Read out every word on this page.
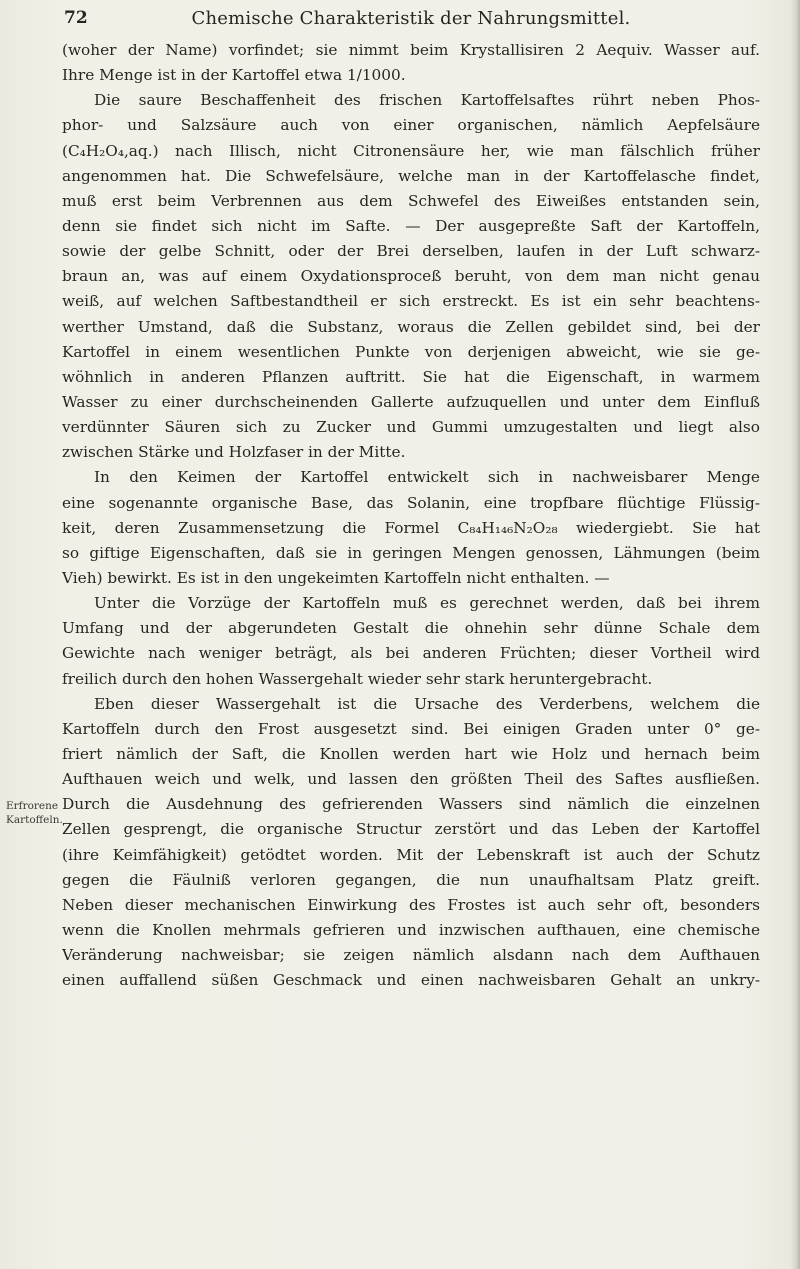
72	Chemische Charakteristik der Nahrungsmittel.
Erfrorene
Kartoffeln.
(woher der Name) vorfindet; sie nimmt beim Krystallisiren 2 Aequiv. Wasser auf.
Ihre Menge ist in der Kartoffel etwa 1/1000.
Die saure Beschaffenheit des frischen Kartoffelsaftes rührt neben Phos-
phor- und Salzsäure auch von einer organischen, nämlich Aepfelsäure
(C₄H₂O₄,aq.) nach Illisch, nicht Citronensäure her, wie man fälschlich früher
angenommen hat. Die Schwefelsäure, welche man in der Kartoffelasche findet,
muß erst beim Verbrennen aus dem Schwefel des Eiweißes entstanden sein,
denn sie findet sich nicht im Safte. — Der ausgepreßte Saft der Kartoffeln,
sowie der gelbe Schnitt, oder der Brei derselben, laufen in der Luft schwarz-
braun an, was auf einem Oxydationsproceß beruht, von dem man nicht genau
weiß, auf welchen Saftbestandtheil er sich erstreckt. Es ist ein sehr beachtens-
werther Umstand, daß die Substanz, woraus die Zellen gebildet sind, bei der
Kartoffel in einem wesentlichen Punkte von derjenigen abweicht, wie sie ge-
wöhnlich in anderen Pflanzen auftritt. Sie hat die Eigenschaft, in warmem
Wasser zu einer durchscheinenden Gallerte aufzuquellen und unter dem Einfluß
verdünnter Säuren sich zu Zucker und Gummi umzugestalten und liegt also
zwischen Stärke und Holzfaser in der Mitte.
In den Keimen der Kartoffel entwickelt sich in nachweisbarer Menge
eine sogenannte organische Base, das Solanin, eine tropfbare flüchtige Flüssig-
keit, deren Zusammensetzung die Formel C₈₄H₁₄₆N₂O₂₈ wiedergiebt. Sie hat
so giftige Eigenschaften, daß sie in geringen Mengen genossen, Lähmungen (beim
Vieh) bewirkt. Es ist in den ungekeimten Kartoffeln nicht enthalten. —
Unter die Vorzüge der Kartoffeln muß es gerechnet werden, daß bei ihrem
Umfang und der abgerundeten Gestalt die ohnehin sehr dünne Schale dem
Gewichte nach weniger beträgt, als bei anderen Früchten; dieser Vortheil wird
freilich durch den hohen Wassergehalt wieder sehr stark heruntergebracht.
Eben dieser Wassergehalt ist die Ursache des Verderbens, welchem die
Kartoffeln durch den Frost ausgesetzt sind. Bei einigen Graden unter 0° ge-
friert nämlich der Saft, die Knollen werden hart wie Holz und hernach beim
Aufthauen weich und welk, und lassen den größten Theil des Saftes ausfließen.
Durch die Ausdehnung des gefrierenden Wassers sind nämlich die einzelnen
Zellen gesprengt, die organische Structur zerstört und das Leben der Kartoffel
(ihre Keimfähigkeit) getödtet worden. Mit der Lebenskraft ist auch der Schutz
gegen die Fäulniß verloren gegangen, die nun unaufhaltsam Platz greift.
Neben dieser mechanischen Einwirkung des Frostes ist auch sehr oft, besonders
wenn die Knollen mehrmals gefrieren und inzwischen aufthauen, eine chemische
Veränderung nachweisbar; sie zeigen nämlich alsdann nach dem Aufthauen
einen auffallend süßen Geschmack und einen nachweisbaren Gehalt an unkry-
